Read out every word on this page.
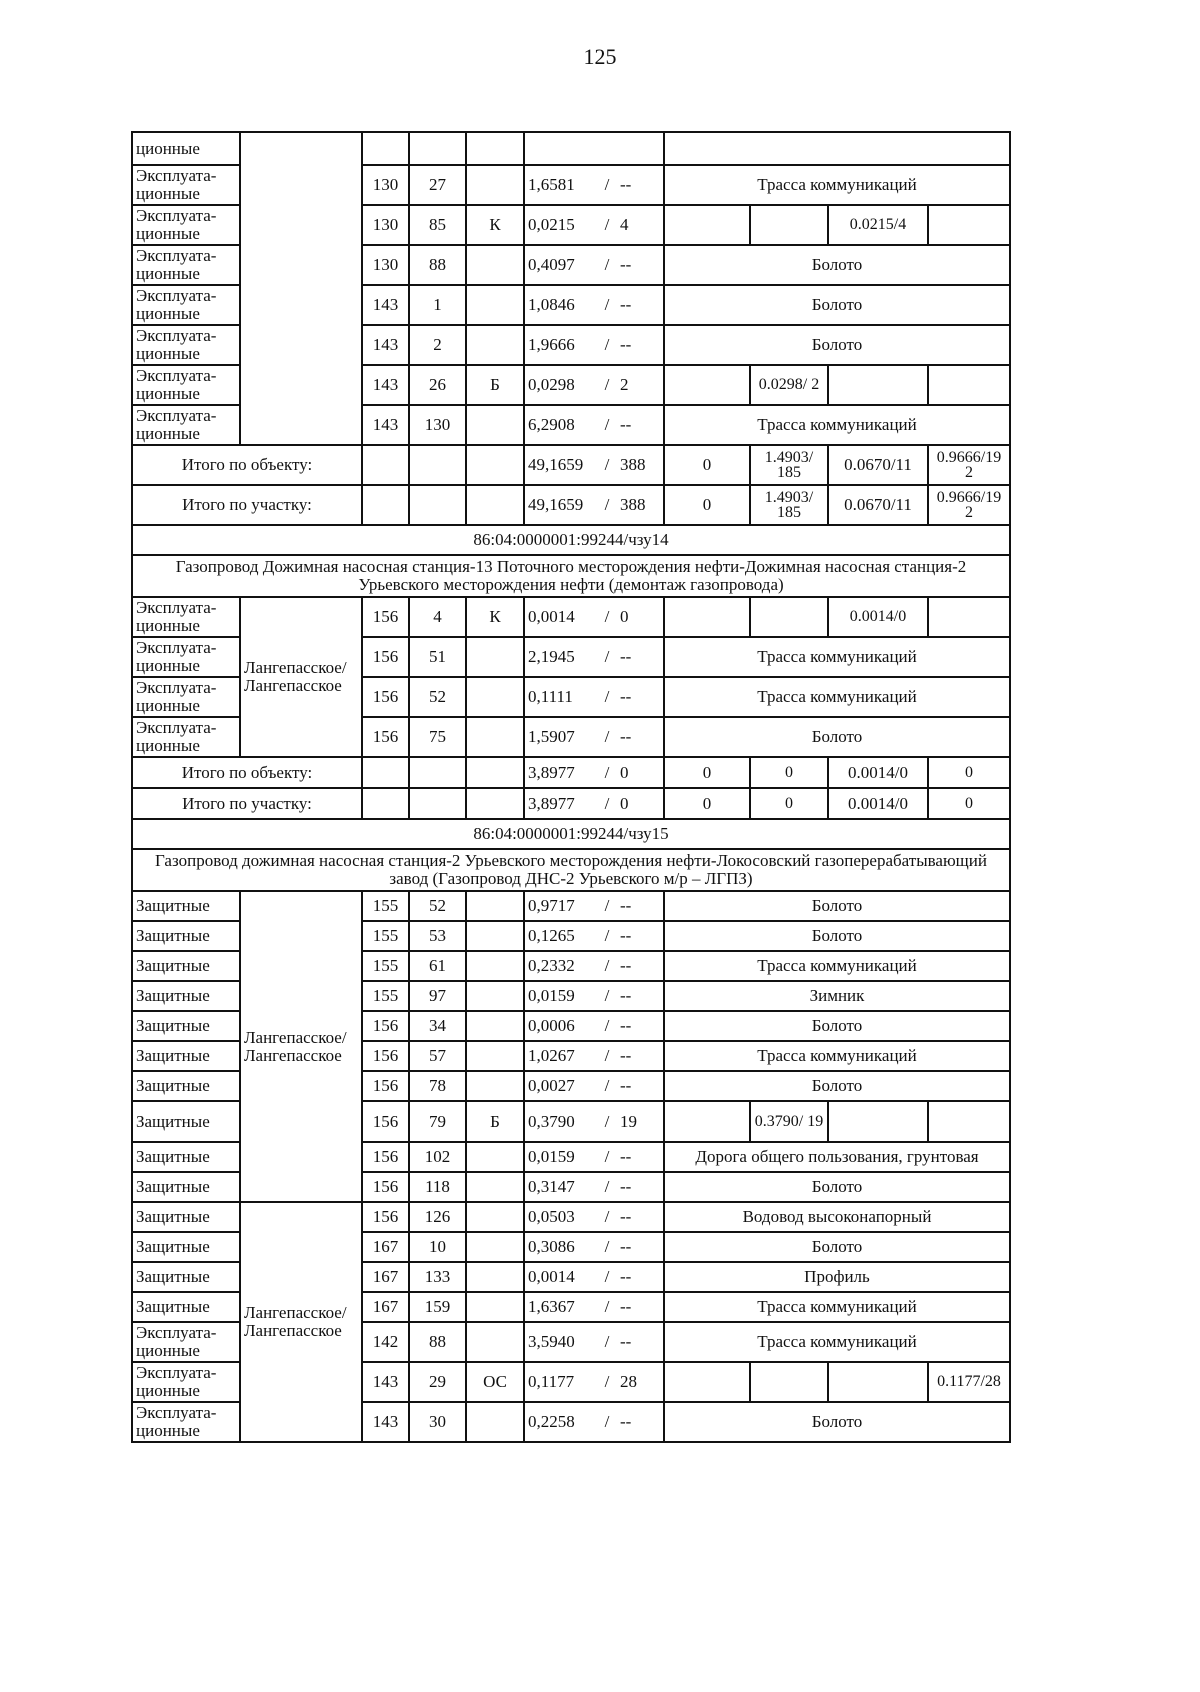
125
ционные									
Эксплуата-ционные		130	27		1,6581 / --	Трасса коммуникаций			
Эксплуата-ционные		130	85	К	0,0215 / 4			0.0215/4	
Эксплуата-ционные		130	88		0,4097 / --	Болото			
Эксплуата-ционные		143	1		1,0846 / --	Болото			
Эксплуата-ционные		143	2		1,9666 / --	Болото			
Эксплуата-ционные		143	26	Б	0,0298 / 2		0.0298/ 2		
Эксплуата-ционные		143	130		6,2908 / --	Трасса коммуникаций			
Итого по объекту:					49,1659 / 388	0	1.4903/ 185	0.0670/11	0.9666/19 2
Итого по участку:					49,1659 / 388	0	1.4903/ 185	0.0670/11	0.9666/19 2
86:04:0000001:99244/чзу14									
Газопровод Дожимная насосная станция-13 Поточного месторождения нефти-Дожимная насосная станция-2 Урьевского месторождения нефти (демонтаж газопровода)									
Эксплуата-ционные	Лангепасское/ Лангепасское	156	4	К	0,0014 / 0			0.0014/0	
Эксплуата-ционные		156	51		2,1945 / --	Трасса коммуникаций			
Эксплуата-ционные		156	52		0,1111 / --	Трасса коммуникаций			
Эксплуата-ционные		156	75		1,5907 / --	Болото			
Итого по объекту:					3,8977 / 0	0	0	0.0014/0	0
Итого по участку:					3,8977 / 0	0	0	0.0014/0	0
86:04:0000001:99244/чзу15									
Газопровод дожимная насосная станция-2 Урьевского месторождения нефти-Локосовский газоперерабатывающий завод (Газопровод ДНС-2 Урьевского м/р – ЛГПЗ)									
Защитные	Лангепасское/ Лангепасское	155	52		0,9717 / --	Болото			
Защитные		155	53		0,1265 / --	Болото			
Защитные		155	61		0,2332 / --	Трасса коммуникаций			
Защитные		155	97		0,0159 / --	Зимник			
Защитные		156	34		0,0006 / --	Болото			
Защитные		156	57		1,0267 / --	Трасса коммуникаций			
Защитные		156	78		0,0027 / --	Болото			
Защитные		156	79	Б	0,3790 / 19		0.3790/ 19		
Защитные		156	102		0,0159 / --	Дорога общего пользования, грунтовая			
Защитные		156	118		0,3147 / --	Болото			
Защитные	Лангепасское/ Лангепасское	156	126		0,0503 / --	Водовод высоконапорный			
Защитные		167	10		0,3086 / --	Болото			
Защитные		167	133		0,0014 / --	Профиль			
Защитные		167	159		1,6367 / --	Трасса коммуникаций			
Эксплуата-ционные		142	88		3,5940 / --	Трасса коммуникаций			
Эксплуата-ционные		143	29	ОС	0,1177 / 28				0.1177/28
Эксплуата-ционные		143	30		0,2258 / --	Болото			
